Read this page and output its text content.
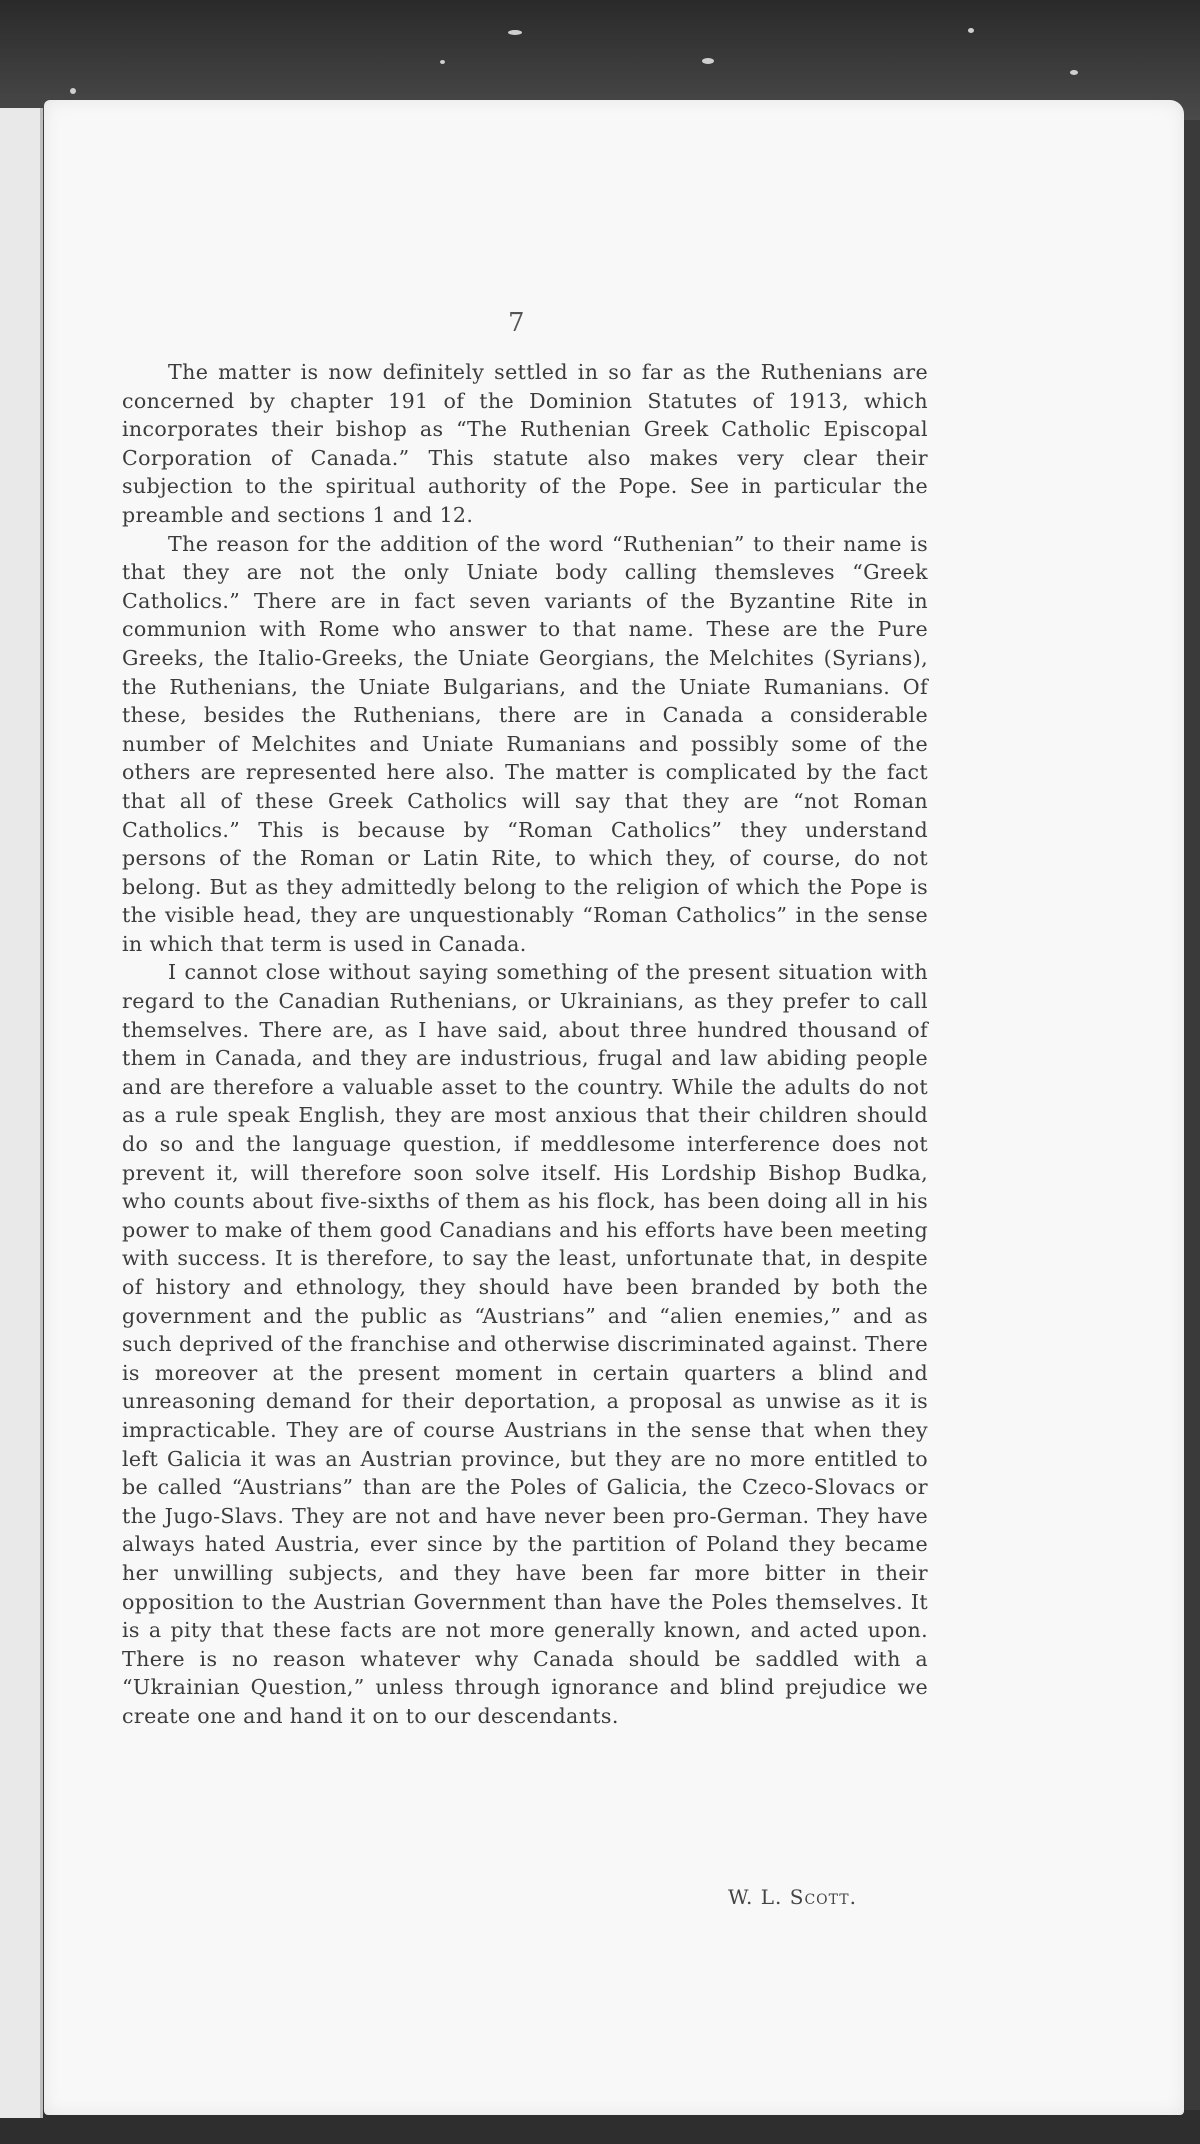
7

The matter is now definitely settled in so far as the Ruthenians are concerned by chapter 191 of the Dominion Statutes of 1913, which incorporates their bishop as “The Ruthenian Greek Catholic Episcopal Corporation of Canada.” This statute also makes very clear their subjection to the spiritual authority of the Pope. See in particular the preamble and sections 1 and 12.

The reason for the addition of the word “Ruthenian” to their name is that they are not the only Uniate body calling themsleves “Greek Catholics.” There are in fact seven variants of the Byzantine Rite in communion with Rome who answer to that name. These are the Pure Greeks, the Italio-Greeks, the Uniate Georgians, the Melchites (Syrians), the Ruthenians, the Uniate Bulgarians, and the Uniate Rumanians. Of these, besides the Ruthenians, there are in Canada a considerable number of Melchites and Uniate Rumanians and possibly some of the others are represented here also. The matter is complicated by the fact that all of these Greek Catholics will say that they are “not Roman Catholics.” This is because by “Roman Catholics” they understand persons of the Roman or Latin Rite, to which they, of course, do not belong. But as they admittedly belong to the religion of which the Pope is the visible head, they are unquestionably “Roman Catholics” in the sense in which that term is used in Canada.

I cannot close without saying something of the present situation with regard to the Canadian Ruthenians, or Ukrainians, as they prefer to call themselves. There are, as I have said, about three hundred thousand of them in Canada, and they are industrious, frugal and law abiding people and are therefore a valuable asset to the country. While the adults do not as a rule speak English, they are most anxious that their children should do so and the language question, if meddlesome interference does not prevent it, will therefore soon solve itself. His Lordship Bishop Budka, who counts about five-sixths of them as his flock, has been doing all in his power to make of them good Canadians and his efforts have been meeting with success. It is therefore, to say the least, unfortunate that, in despite of history and ethnology, they should have been branded by both the government and the public as “Austrians” and “alien enemies,” and as such deprived of the franchise and otherwise discriminated against. There is moreover at the present moment in certain quarters a blind and unreasoning demand for their deportation, a proposal as unwise as it is impracticable. They are of course Austrians in the sense that when they left Galicia it was an Austrian province, but they are no more entitled to be called “Austrians” than are the Poles of Galicia, the Czeco-Slovacs or the Jugo-Slavs. They are not and have never been pro-German. They have always hated Austria, ever since by the partition of Poland they became her unwilling subjects, and they have been far more bitter in their opposition to the Austrian Government than have the Poles themselves. It is a pity that these facts are not more generally known, and acted upon. There is no reason whatever why Canada should be saddled with a “Ukrainian Question,” unless through ignorance and blind prejudice we create one and hand it on to our descendants.

W. L. Scott.
